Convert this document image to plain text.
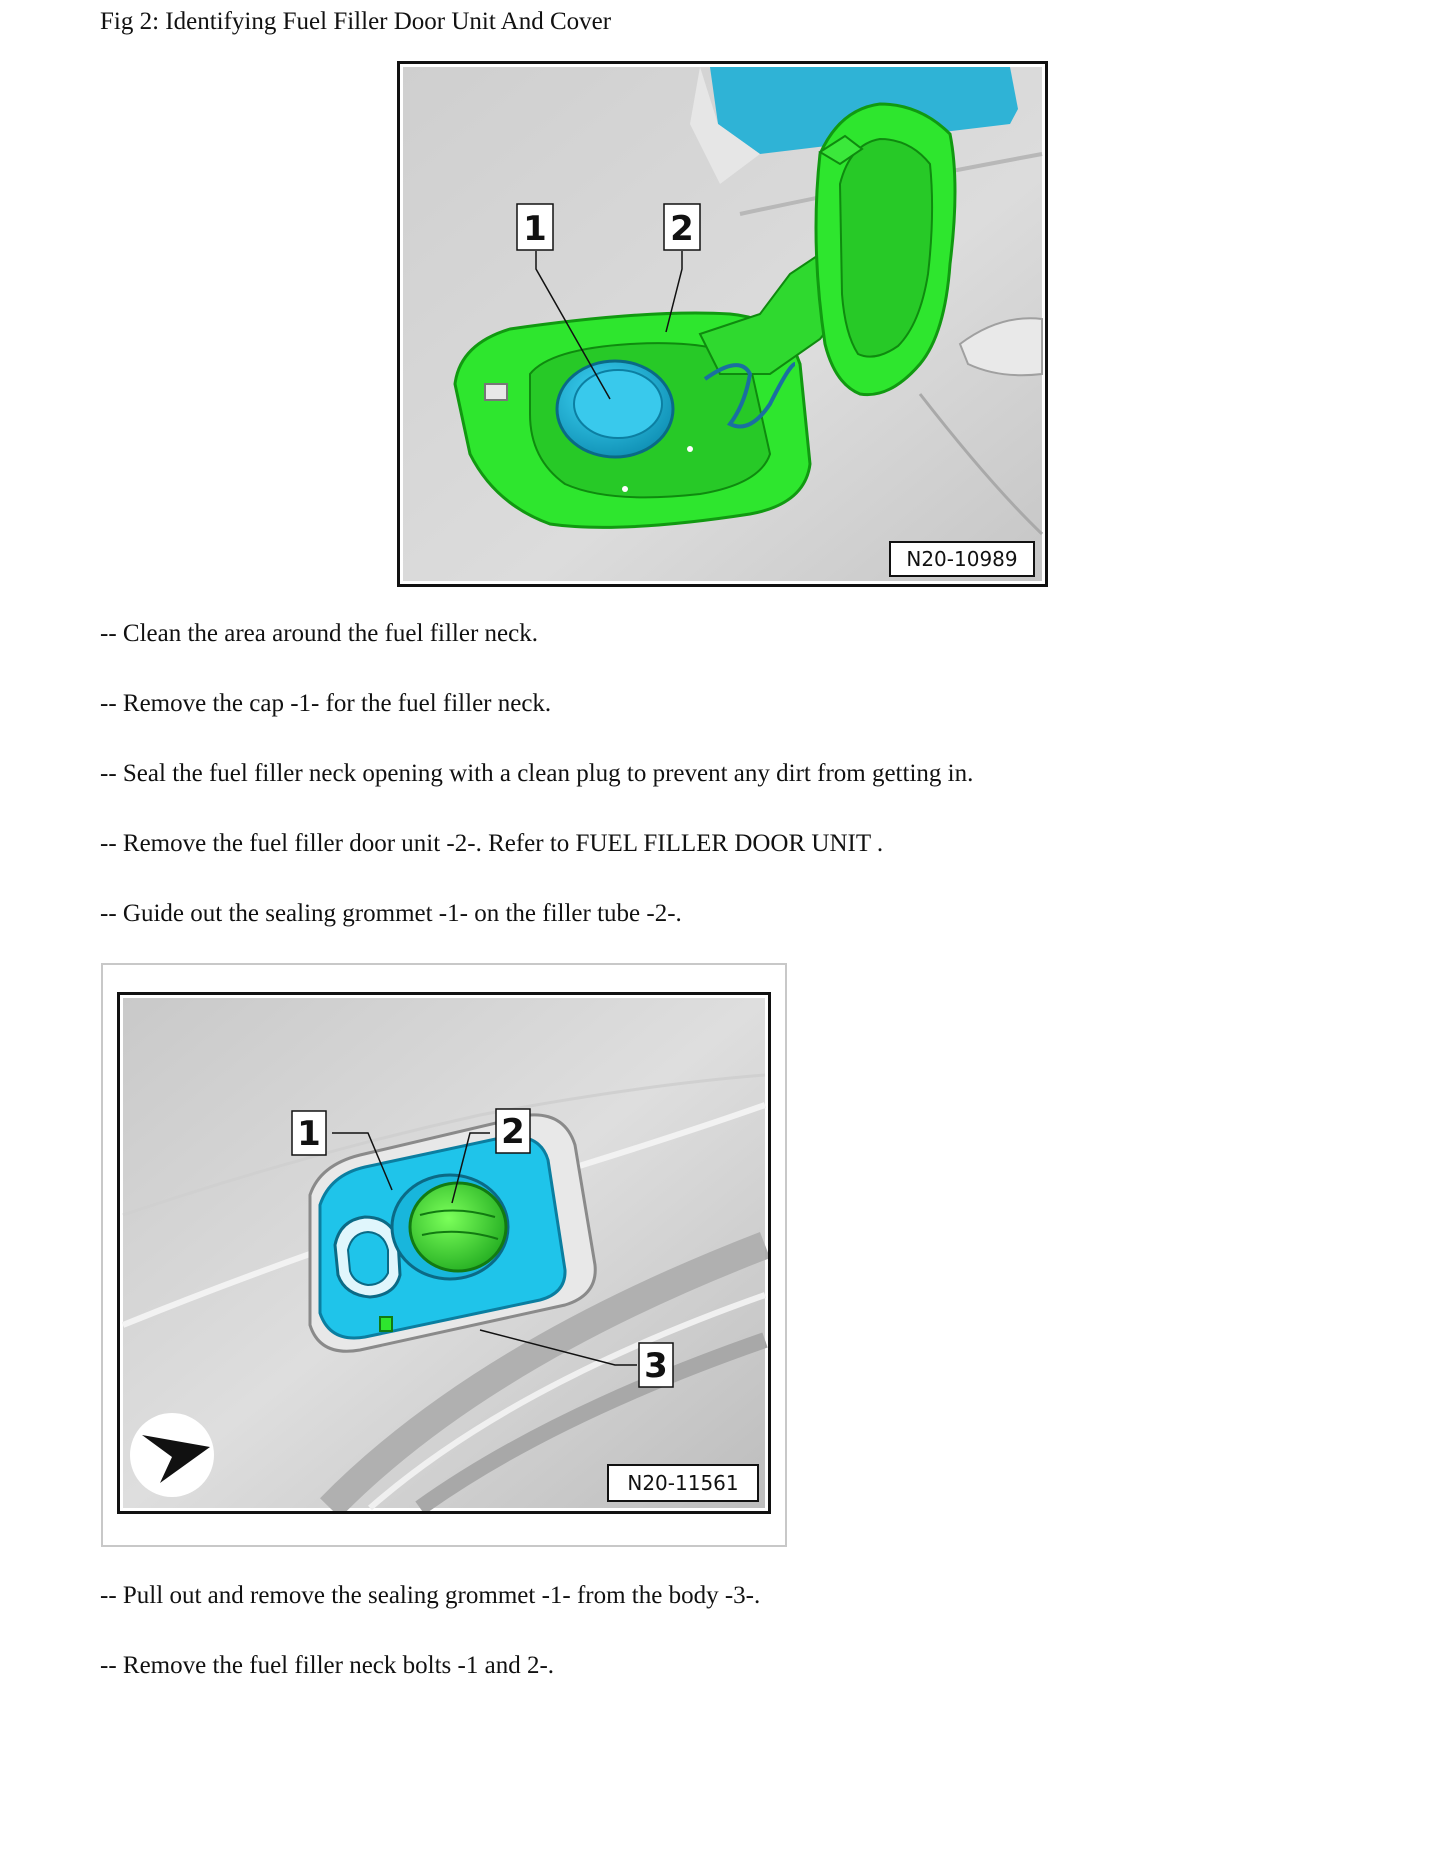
Fig 2: Identifying Fuel Filler Door Unit And Cover
1	2
N20-10989
-- Clean the area around the fuel filler neck.
-- Remove the cap -1- for the fuel filler neck.
-- Seal the fuel filler neck opening with a clean plug to prevent any dirt from getting in.
-- Remove the fuel filler door unit -2-. Refer to FUEL FILLER DOOR UNIT .
-- Guide out the sealing grommet -1- on the filler tube -2-.
1	2
3
N20-11561
-- Pull out and remove the sealing grommet -1- from the body -3-.
-- Remove the fuel filler neck bolts -1 and 2-.
